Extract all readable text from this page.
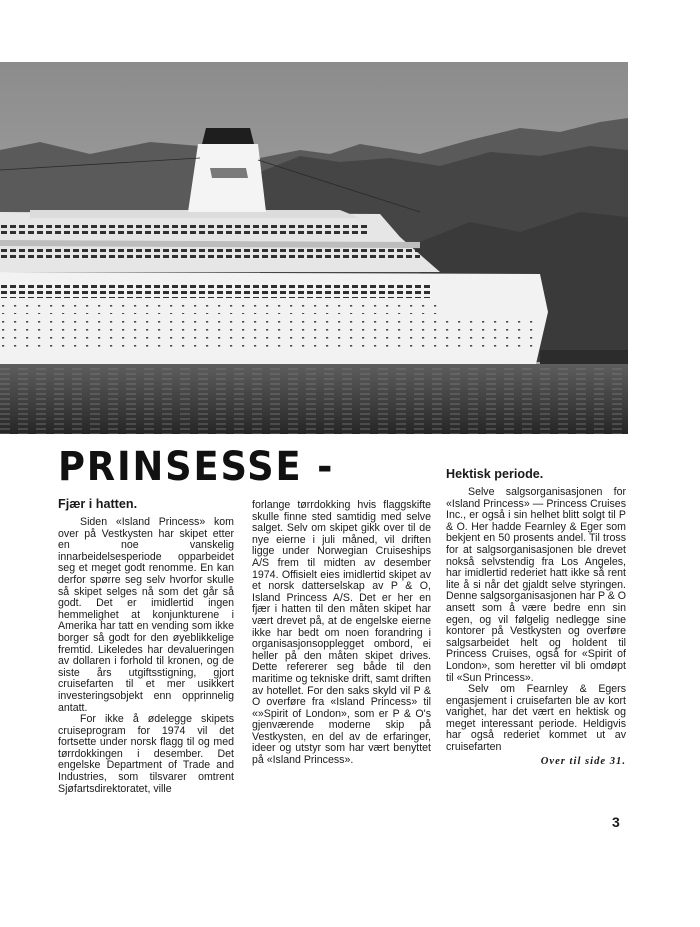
PRINSESSE -
Fjær i hatten.

Siden «Island Princess» kom over på Vestkysten har skipet etter en noe vanskelig innarbeidelsesperiode opparbeidet seg et meget godt renomme. En kan derfor spørre seg selv hvorfor skulle så skipet selges nå som det går så godt. Det er imidlertid ingen hemmelighet at konjunkturene i Amerika har tatt en vending som ikke borger så godt for den øyeblikkelige fremtid. Likeledes har devalueringen av dollaren i forhold til kronen, og de siste års utgiftsstigning, gjort cruisefarten til et mer usikkert investeringsobjekt enn opprinnelig antatt.

For ikke å ødelegge skipets cruiseprogram for 1974 vil det fortsette under norsk flagg til og med tørrdokkingen i desember. Det engelske Department of Trade and Industries, som tilsvarer omtrent Sjøfartsdirektoratet, ville

forlange tørrdokking hvis flaggskifte skulle finne sted samtidig med selve salget. Selv om skipet gikk over til de nye eierne i juli måned, vil driften ligge under Norwegian Cruiseships A/S frem til midten av desember 1974. Offisielt eies imidlertid skipet av et norsk datterselskap av P & O, Island Princess A/S. Det er her en fjær i hatten til den måten skipet har vært drevet på, at de engelske eierne ikke har bedt om noen forandring i organisasjonsopplegget ombord, ei heller på den måten skipet drives. Dette refererer seg både til den maritime og tekniske drift, samt driften av hotellet. For den saks skyld vil P & O overføre fra «Island Princess» til «»Spirit of London», som er P & O's gjenværende moderne skip på Vestkysten, en del av de erfaringer, ideer og utstyr som har vært benyttet på «Island Princess».

Hektisk periode.

Selve salgsorganisasjonen for «Island Princess» — Princess Cruises Inc., er også i sin helhet blitt solgt til P & O. Her hadde Fearnley & Eger som bekjent en 50 prosents andel. Til tross for at salgsorganisasjonen ble drevet nokså selvstendig fra Los Angeles, har imidlertid rederiet hatt ikke så rent lite å si når det gjaldt selve styringen. Denne salgsorganisasjonen har P & O ansett som å være bedre enn sin egen, og vil følgelig nedlegge sine kontorer på Vestkysten og overføre salgsarbeidet helt og holdent til Princess Cruises, også for «Spirit of London», som heretter vil bli omdøpt til «Sun Princess».

Selv om Fearnley & Egers engasjement i cruisefarten ble av kort varighet, har det vært en hektisk og meget interessant periode. Heldigvis har også rederiet kommet ut av cruisefarten

Over til side 31.
3
